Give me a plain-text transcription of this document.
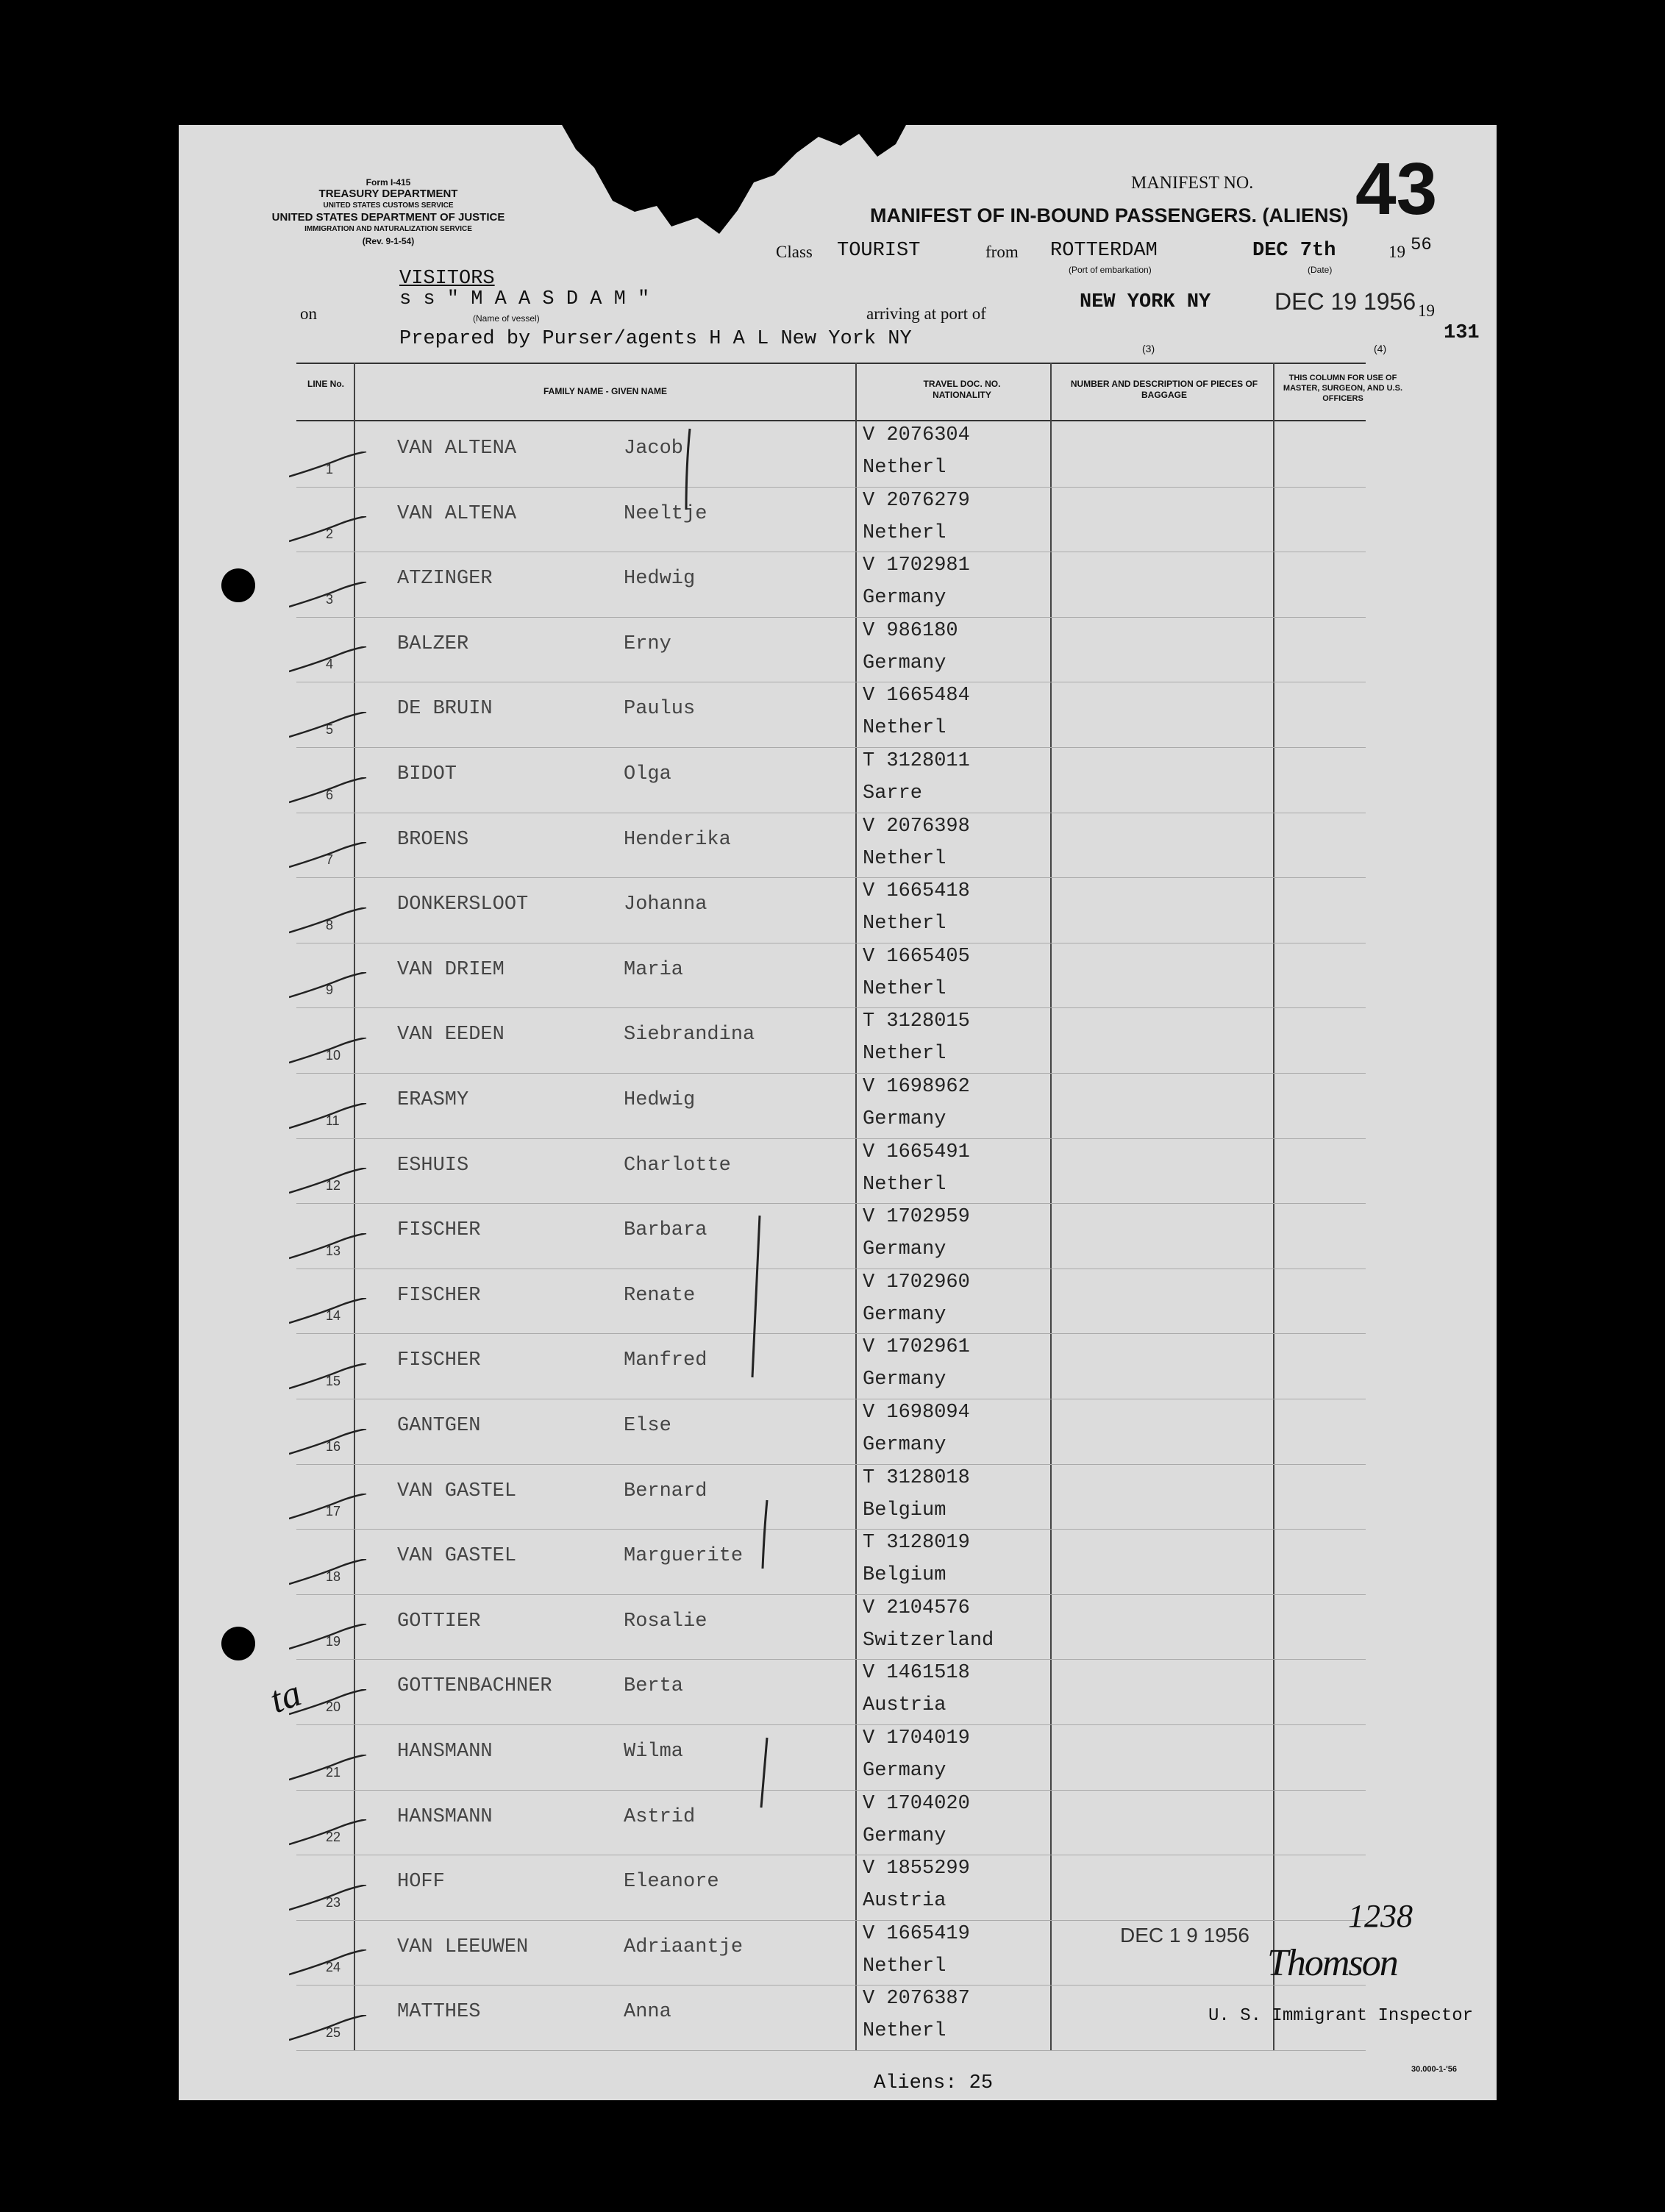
Form I-415
TREASURY DEPARTMENT
UNITED STATES CUSTOMS SERVICE
UNITED STATES DEPARTMENT OF JUSTICE
IMMIGRATION AND NATURALIZATION SERVICE
(Rev. 9-1-54)
MANIFEST NO. 43
MANIFEST OF IN-BOUND PASSENGERS. (ALIENS)
Class TOURIST	from ROTTERDAM
(Port of embarkation)
DEC 7th	19 56
(Date)
VISITORS
on
s s " M A A S D A M "
(Name of vessel)	arriving at port of
NEW YORK NY	DEC 19 1956 19
Prepared by Purser/agents H A L New York NY	(3)	(4)
131
LINE No.
FAMILY NAME - GIVEN NAME
TRAVEL DOC. NO. NATIONALITY
NUMBER AND DESCRIPTION OF PIECES OF BAGGAGE
THIS COLUMN FOR USE OF MASTER, SURGEON, AND U.S. OFFICERS
1
VAN ALTENA	Jacob
V 2076304
Netherl
2
VAN ALTENA	Neeltje
V 2076279
Netherl
3
ATZINGER	Hedwig
V 1702981
Germany
4
BALZER	Erny
V 986180
Germany
5
DE BRUIN	Paulus
V 1665484
Netherl
6
BIDOT	Olga
T 3128011
Sarre
7
BROENS	Henderika
V 2076398
Netherl
8
DONKERSLOOT	Johanna
V 1665418
Netherl
9
VAN DRIEM	Maria
V 1665405
Netherl
10
VAN EEDEN	Siebrandina
T 3128015
Netherl
11
ERASMY	Hedwig
V 1698962
Germany
12
ESHUIS	Charlotte
V 1665491
Netherl
13
FISCHER	Barbara
V 1702959
Germany
14
FISCHER	Renate
V 1702960
Germany
15
FISCHER	Manfred
V 1702961
Germany
16
GANTGEN	Else
V 1698094
Germany
17
VAN GASTEL	Bernard
T 3128018
Belgium
18
VAN GASTEL	Marguerite
T 3128019
Belgium
19
GOTTIER	Rosalie
V 2104576
Switzerland
20
GOTTENBACHNER	Berta
V 1461518
Austria
21
HANSMANN	Wilma
V 1704019
Germany
22
HANSMANN	Astrid
V 1704020
Germany
23
HOFF	Eleanore
V 1855299
Austria
24
VAN LEEUWEN	Adriaantje
V 1665419
Netherl
25
MATTHES	Anna
V 2076387
Netherl
DEC 1 9 1956
1238
Thomson
U. S. Immigrant Inspector
Aliens: 25
30.000-1-'56
ta
